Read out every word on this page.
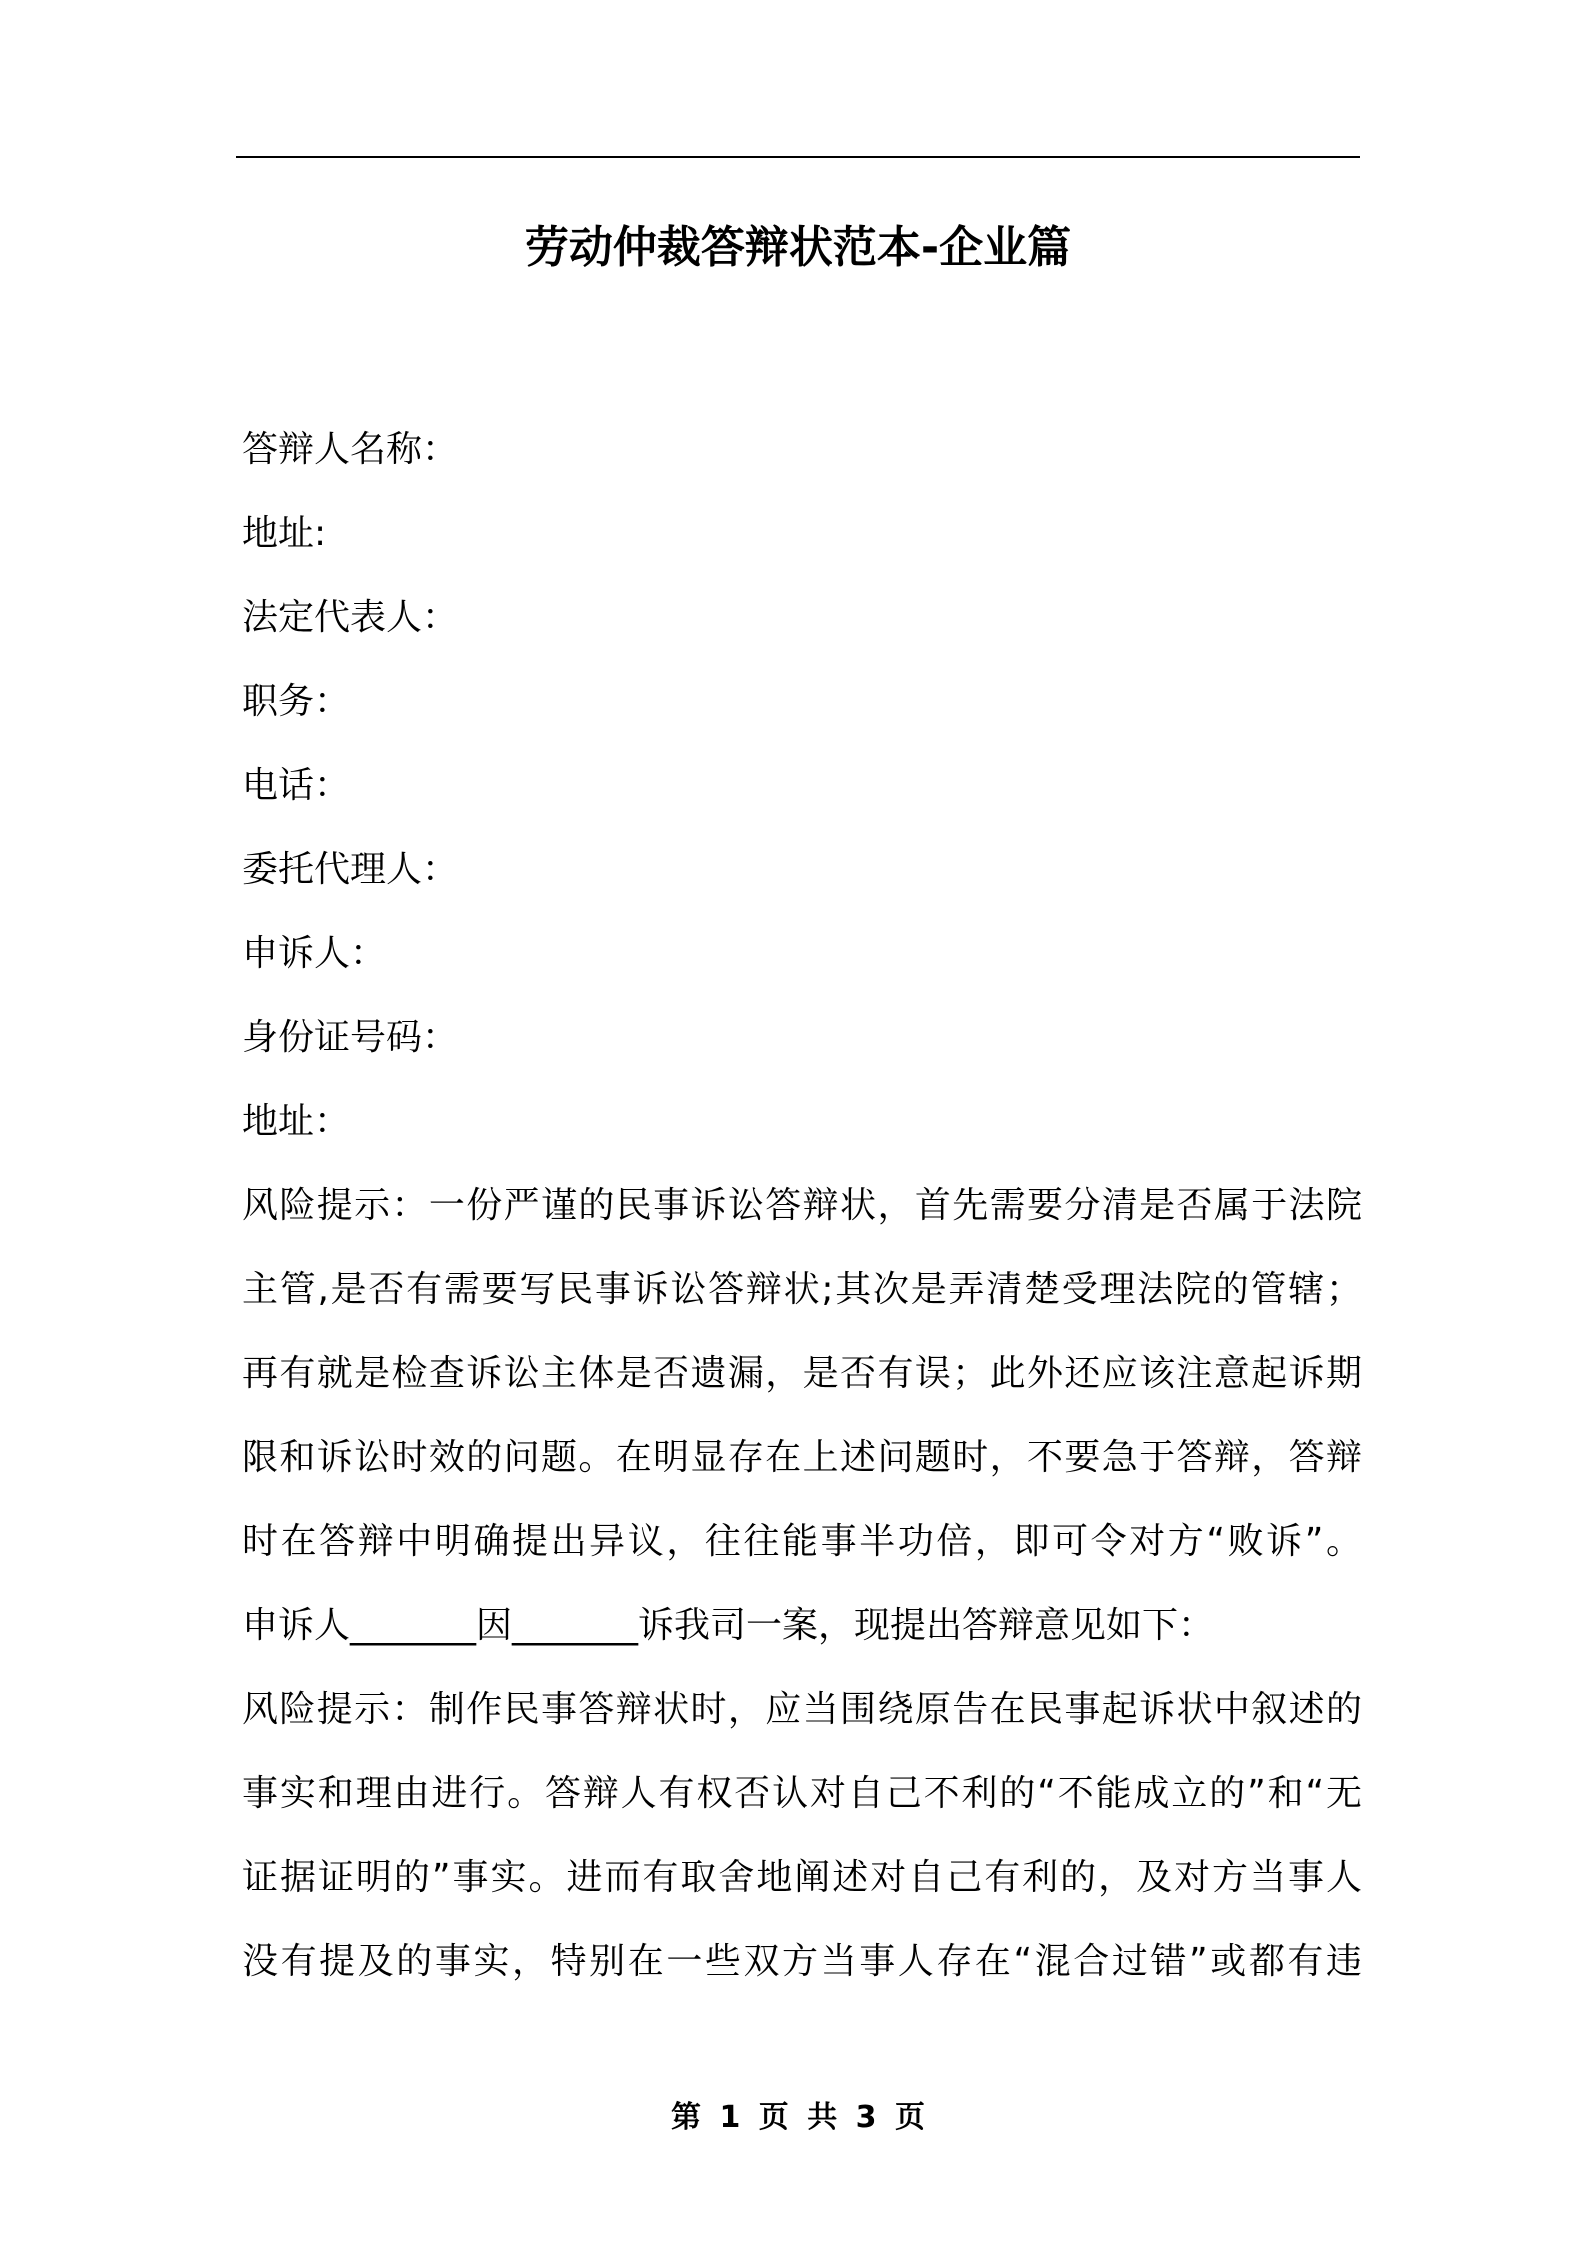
劳动仲裁答辩状范本-企业篇
答辩人名称：
地址:
法定代表人：
职务：
电话：
委托代理人：
申诉人：
身份证号码：
地址：
风险提示：一份严谨的民事诉讼答辩状，首先需要分清是否属于法院
主管,是否有需要写民事诉讼答辩状;其次是弄清楚受理法院的管辖；
再有就是检查诉讼主体是否遗漏，是否有误；此外还应该注意起诉期
限和诉讼时效的问题。在明显存在上述问题时，不要急于答辩，答辩
时在答辩中明确提出异议，往往能事半功倍，即可令对方“败诉”。
申诉人_______因_______诉我司一案，现提出答辩意见如下：
风险提示：制作民事答辩状时，应当围绕原告在民事起诉状中叙述的
事实和理由进行。答辩人有权否认对自己不利的“不能成立的”和“无
证据证明的”事实。进而有取舍地阐述对自己有利的，及对方当事人
没有提及的事实，特别在一些双方当事人存在“混合过错”或都有违
第 1 页 共 3 页
